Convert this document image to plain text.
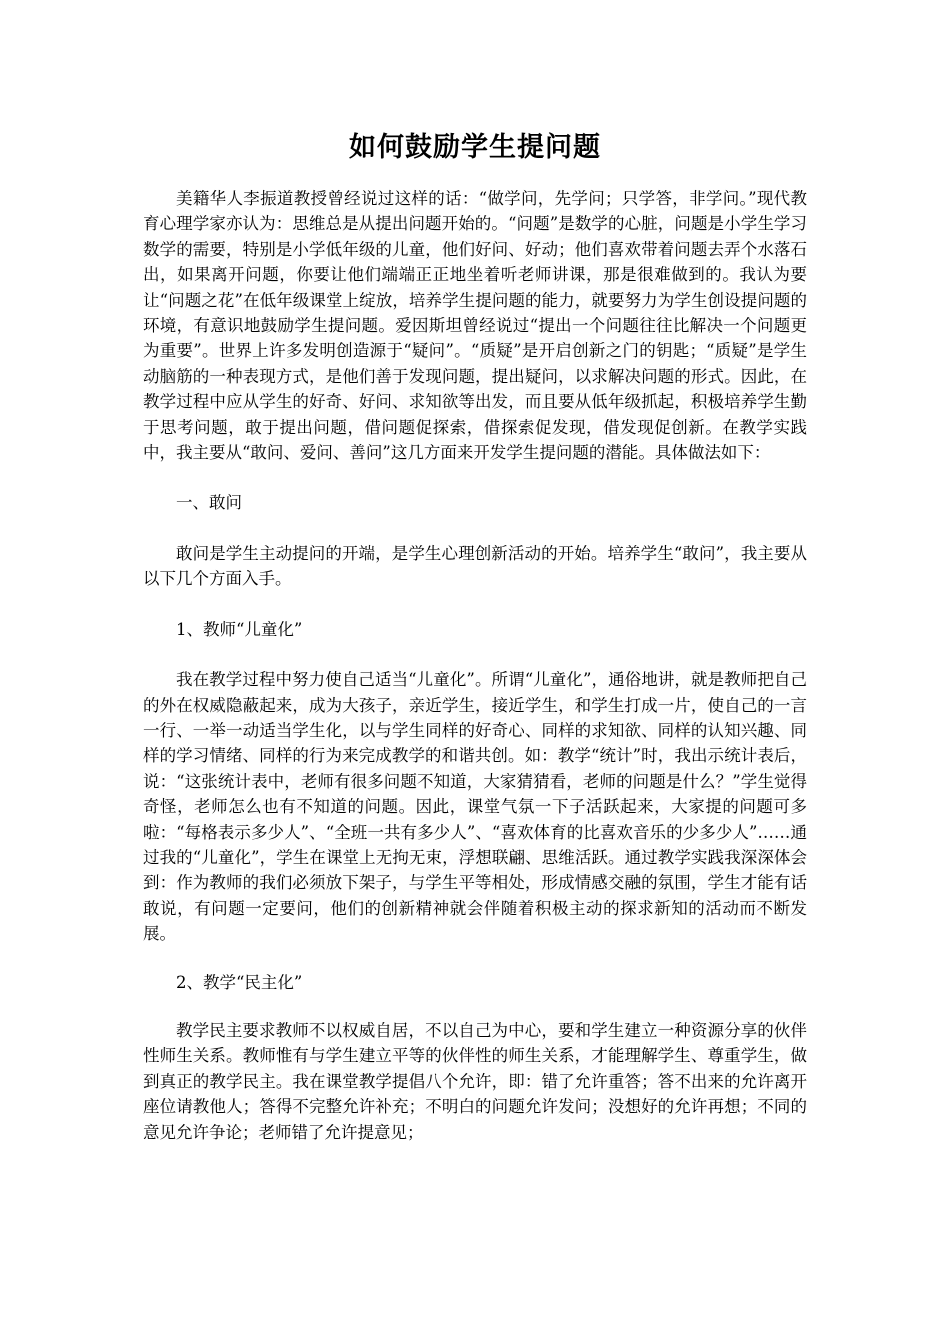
如何鼓励学生提问题

美籍华人李振道教授曾经说过这样的话：“做学问，先学问；只学答，非学问。”现代教育心理学家亦认为：思维总是从提出问题开始的。“问题”是数学的心脏，问题是小学生学习数学的需要，特别是小学低年级的儿童，他们好问、好动；他们喜欢带着问题去弄个水落石出，如果离开问题，你要让他们端端正正地坐着听老师讲课，那是很难做到的。我认为要让“问题之花”在低年级课堂上绽放，培养学生提问题的能力，就要努力为学生创设提问题的环境，有意识地鼓励学生提问题。爱因斯坦曾经说过“提出一个问题往往比解决一个问题更为重要”。世界上许多发明创造源于“疑问”。“质疑”是开启创新之门的钥匙；“质疑”是学生动脑筋的一种表现方式，是他们善于发现问题，提出疑问，以求解决问题的形式。因此，在教学过程中应从学生的好奇、好问、求知欲等出发，而且要从低年级抓起，积极培养学生勤于思考问题，敢于提出问题，借问题促探索，借探索促发现，借发现促创新。在教学实践中，我主要从“敢问、爱问、善问”这几方面来开发学生提问题的潜能。具体做法如下：

一、敢问

敢问是学生主动提问的开端，是学生心理创新活动的开始。培养学生“敢问”，我主要从以下几个方面入手。

1、教师“儿童化”

我在教学过程中努力使自己适当“儿童化”。所谓“儿童化”，通俗地讲，就是教师把自己的外在权威隐蔽起来，成为大孩子，亲近学生，接近学生，和学生打成一片，使自己的一言一行、一举一动适当学生化，以与学生同样的好奇心、同样的求知欲、同样的认知兴趣、同样的学习情绪、同样的行为来完成教学的和谐共创。如：教学“统计”时，我出示统计表后，说：“这张统计表中，老师有很多问题不知道，大家猜猜看，老师的问题是什么？”学生觉得奇怪，老师怎么也有不知道的问题。因此，课堂气氛一下子活跃起来，大家提的问题可多啦：“每格表示多少人”、“全班一共有多少人”、“喜欢体育的比喜欢音乐的少多少人”……通过我的“儿童化”，学生在课堂上无拘无束，浮想联翩、思维活跃。通过教学实践我深深体会到：作为教师的我们必须放下架子，与学生平等相处，形成情感交融的氛围，学生才能有话敢说，有问题一定要问，他们的创新精神就会伴随着积极主动的探求新知的活动而不断发展。

2、教学“民主化”

教学民主要求教师不以权威自居，不以自己为中心，要和学生建立一种资源分享的伙伴性师生关系。教师惟有与学生建立平等的伙伴性的师生关系，才能理解学生、尊重学生，做到真正的教学民主。我在课堂教学提倡八个允许，即：错了允许重答；答不出来的允许离开座位请教他人；答得不完整允许补充；不明白的问题允许发问；没想好的允许再想；不同的意见允许争论；老师错了允许提意见；
